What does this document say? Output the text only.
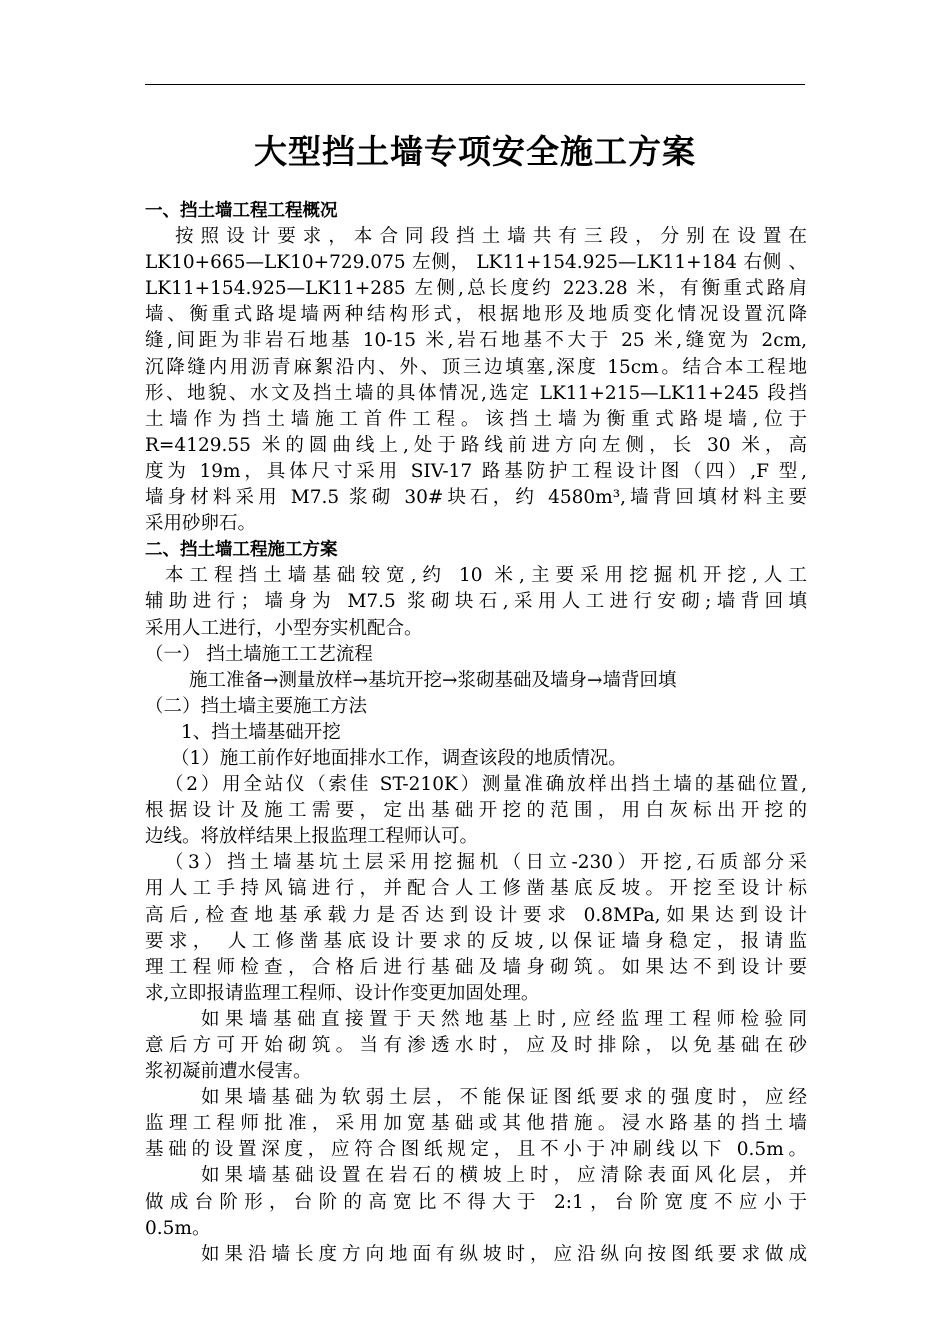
大型挡土墙专项安全施工方案
一、挡土墙工程工程概况
按照设计要求，本合同段挡土墙共有三段，分别在设置在
LK10+665—LK10+729.075 左侧， LK11+154.925—LK11+184 右侧 、
LK11+154.925—LK11+285 左侧,总长度约 223.28 米，有衡重式路肩
墙、衡重式路堤墙两种结构形式，根据地形及地质变化情况设置沉降
缝,间距为非岩石地基 10-15 米,岩石地基不大于 25 米,缝宽为 2cm,
沉降缝内用沥青麻絮沿内、外、顶三边填塞,深度 15cm。结合本工程地
形、地貌、水文及挡土墙的具体情况,选定 LK11+215—LK11+245 段挡
土墙作为挡土墙施工首件工程。该挡土墙为衡重式路堤墙,位于
R=4129.55 米的圆曲线上,处于路线前进方向左侧，长 30 米，高
度为 19m，具体尺寸采用 SIV-17 路基防护工程设计图（四）,F 型,
墙身材料采用 M7.5 浆砌 30#块石，约 4580m³,墙背回填材料主要
采用砂卵石。
二、挡土墙工程施工方案
本工程挡土墙基础较宽,约 10 米,主要采用挖掘机开挖,人工
辅助进行；墙身为 M7.5 浆砌块石,采用人工进行安砌;墙背回填
采用人工进行，小型夯实机配合。
（一） 挡土墙施工工艺流程
施工准备→测量放样→基坑开挖→浆砌基础及墙身→墙背回填
（二）挡土墙主要施工方法
1、挡土墙基础开挖
（1）施工前作好地面排水工作，调查该段的地质情况。
（2）用全站仪（索佳 ST-210K）测量准确放样出挡土墙的基础位置,
根据设计及施工需要，定出基础开挖的范围，用白灰标出开挖的
边线。将放样结果上报监理工程师认可。
（3）挡土墙基坑土层采用挖掘机（日立-230）开挖,石质部分采
用人工手持风镐进行，并配合人工修凿基底反坡。开挖至设计标
高后,检查地基承载力是否达到设计要求 0.8MPa,如果达到设计
要求， 人工修凿基底设计要求的反坡,以保证墙身稳定，报请监
理工程师检查，合格后进行基础及墙身砌筑。如果达不到设计要
求,立即报请监理工程师、设计作变更加固处理。
如果墙基础直接置于天然地基上时,应经监理工程师检验同
意后方可开始砌筑。当有渗透水时，应及时排除，以免基础在砂
浆初凝前遭水侵害。
如果墙基础为软弱土层，不能保证图纸要求的强度时，应经
监理工程师批准，采用加宽基础或其他措施。浸水路基的挡土墙
基础的设置深度，应符合图纸规定，且不小于冲刷线以下 0.5m。
如果墙基础设置在岩石的横坡上时，应清除表面风化层，并
做成台阶形，台阶的高宽比不得大于 2:1，台阶宽度不应小于
0.5m。
如果沿墙长度方向地面有纵坡时，应沿纵向按图纸要求做成
